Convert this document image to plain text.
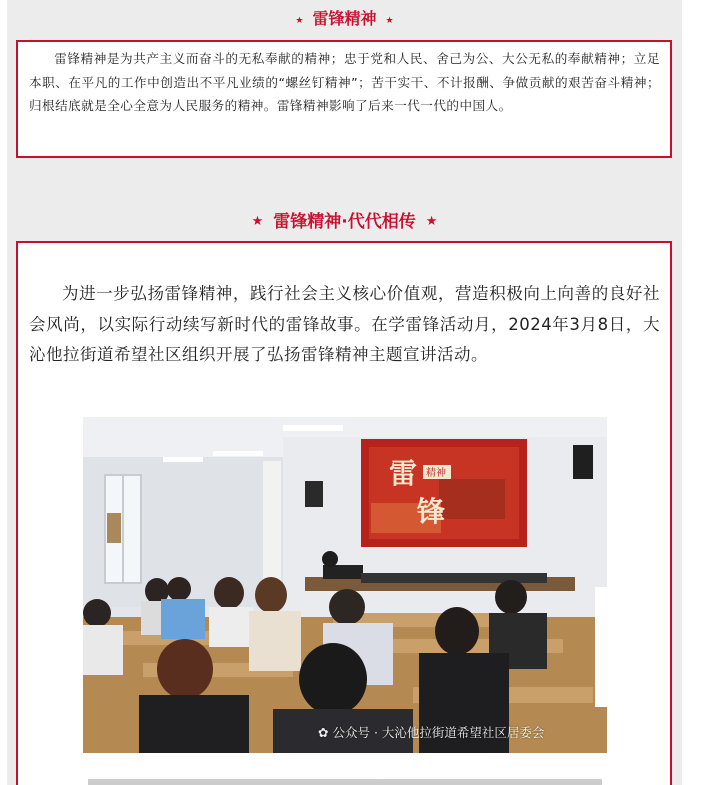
★ 雷锋精神 ★

雷锋精神是为共产主义而奋斗的无私奉献的精神；忠于党和人民、舍己为公、大公无私的奉献精神；立足本职、在平凡的工作中创造出不平凡业绩的“螺丝钉精神”；苦干实干、不计报酬、争做贡献的艰苦奋斗精神；归根结底就是全心全意为人民服务的精神。雷锋精神影响了后来一代一代的中国人。

★ 雷锋精神·代代相传 ★

为进一步弘扬雷锋精神，践行社会主义核心价值观，营造积极向上向善的良好社会风尚，以实际行动续写新时代的雷锋故事。在学雷锋活动月，2024年3月8日，大沁他拉街道希望社区组织开展了弘扬雷锋精神主题宣讲活动。

雷
锋
精神
✿ 公众号 · 大沁他拉街道希望社区居委会
